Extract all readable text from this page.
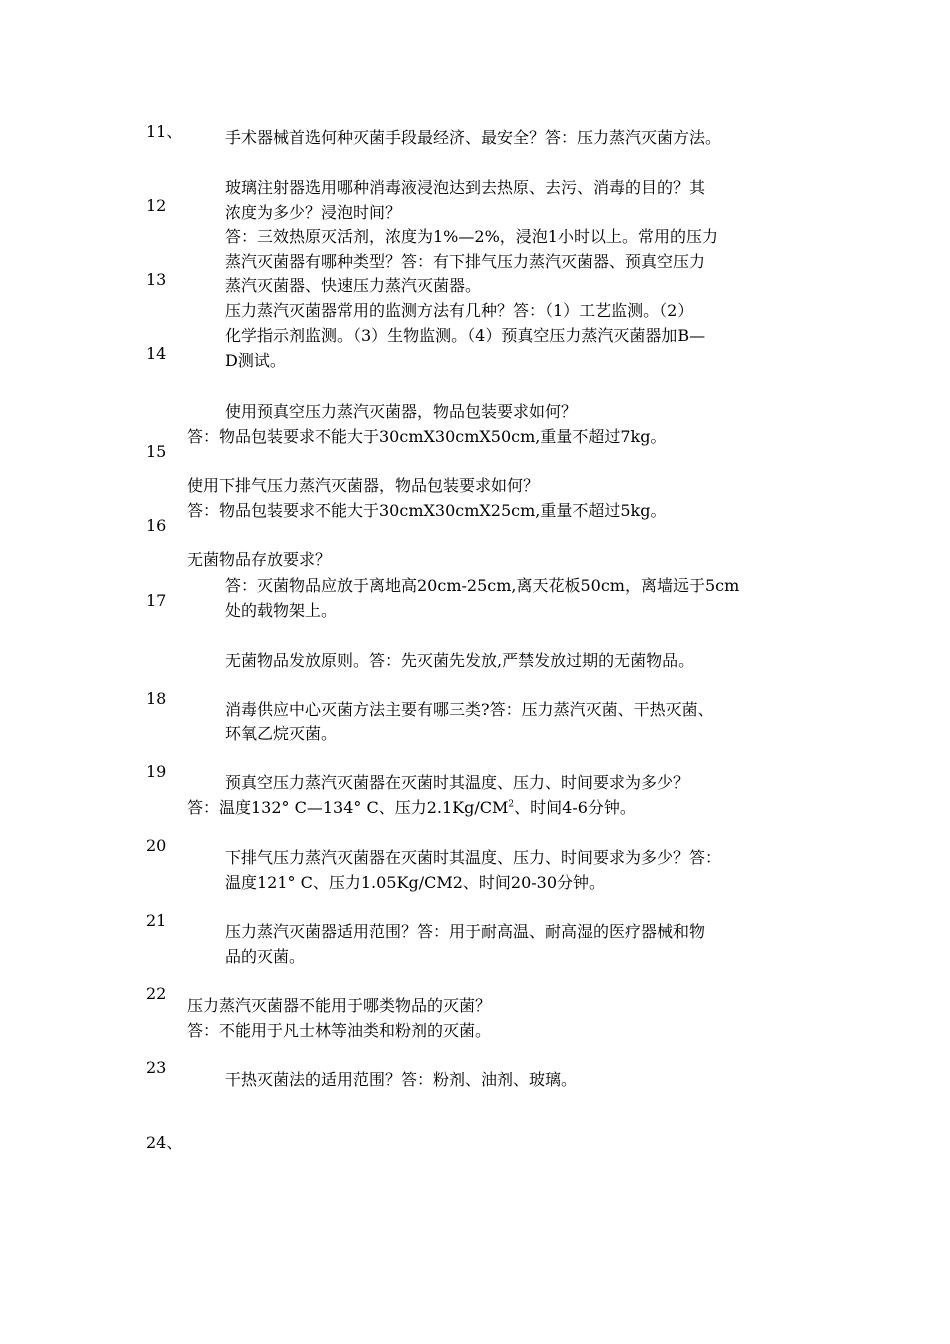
11、
12
13
14
15
16
17
18
19
20
21
22
23
24、
手术器械首选何种灭菌手段最经济、最安全？答：压力蒸汽灭菌方法。
玻璃注射器选用哪种消毒液浸泡达到去热原、去污、消毒的目的？其
浓度为多少？浸泡时间？
答：三效热原灭活剂，浓度为1%—2%，浸泡1小时以上。常用的压力
蒸汽灭菌器有哪种类型？答：有下排气压力蒸汽灭菌器、预真空压力
蒸汽灭菌器、快速压力蒸汽灭菌器。
压力蒸汽灭菌器常用的监测方法有几种？答：（1）工艺监测。（2）
化学指示剂监测。（3）生物监测。（4）预真空压力蒸汽灭菌器加B—
D测试。
使用预真空压力蒸汽灭菌器，物品包装要求如何？
答：物品包装要求不能大于30cmX30cmX50cm,重量不超过7kg。
使用下排气压力蒸汽灭菌器，物品包装要求如何？
答：物品包装要求不能大于30cmX30cmX25cm,重量不超过5kg。
无菌物品存放要求？
答：灭菌物品应放于离地高20cm-25cm,离天花板50cm，离墙远于5cm
处的载物架上。
无菌物品发放原则。答：先灭菌先发放,严禁发放过期的无菌物品。
消毒供应中心灭菌方法主要有哪三类?答：压力蒸汽灭菌、干热灭菌、
环氧乙烷灭菌。
预真空压力蒸汽灭菌器在灭菌时其温度、压力、时间要求为多少？
答：温度132° C—134° C、压力$2.1Kg/CM^2$、时间4-6分钟。
下排气压力蒸汽灭菌器在灭菌时其温度、压力、时间要求为多少？答：
温度121° C、压力1.05Kg/CM2、时间20-30分钟。
压力蒸汽灭菌器适用范围？答：用于耐高温、耐高湿的医疗器械和物
品的灭菌。
压力蒸汽灭菌器不能用于哪类物品的灭菌？
答：不能用于凡士林等油类和粉剂的灭菌。
干热灭菌法的适用范围？答：粉剂、油剂、玻璃。
